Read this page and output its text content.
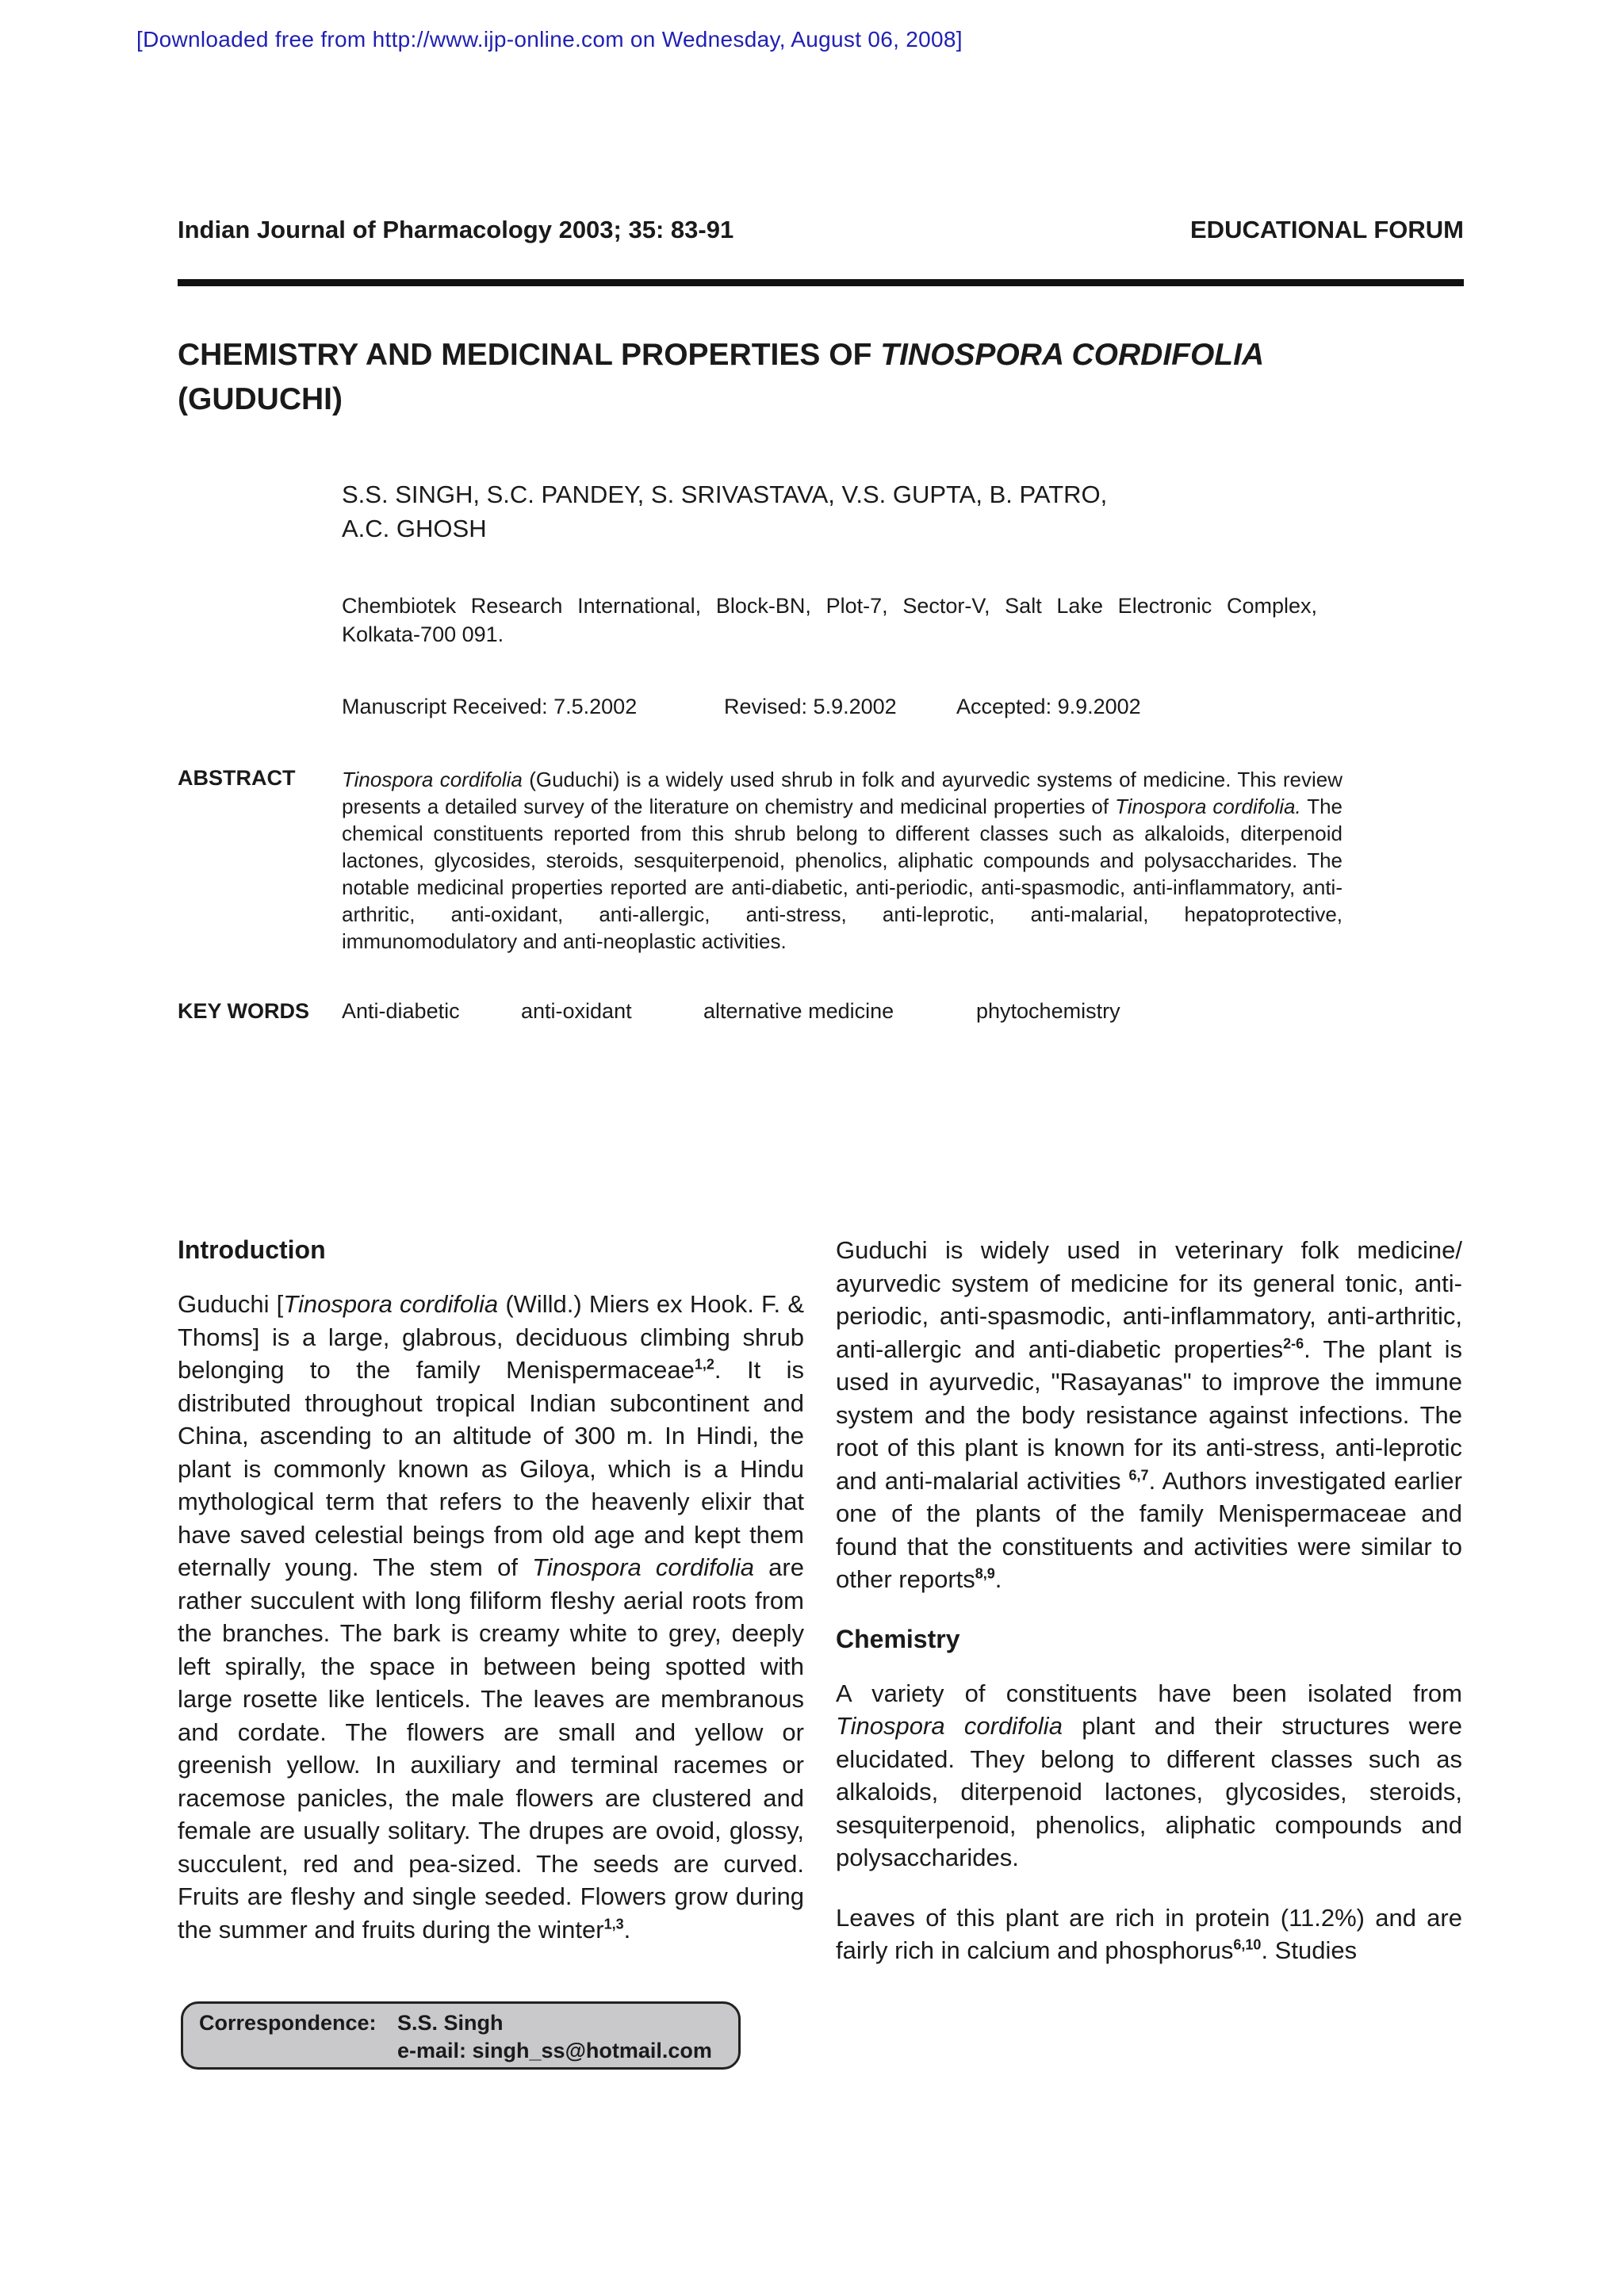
[Downloaded free from http://www.ijp-online.com on Wednesday, August 06, 2008]
Indian Journal of Pharmacology 2003; 35: 83-91	EDUCATIONAL FORUM
CHEMISTRY AND MEDICINAL PROPERTIES OF TINOSPORA CORDIFOLIA
(GUDUCHI)
S.S. SINGH, S.C. PANDEY, S. SRIVASTAVA, V.S. GUPTA, B. PATRO,
A.C. GHOSH
Chembiotek Research International, Block-BN, Plot-7, Sector-V, Salt Lake Electronic Complex, Kolkata-700 091.
Manuscript Received: 7.5.2002	Revised: 5.9.2002	Accepted: 9.9.2002
ABSTRACT Tinospora cordifolia (Guduchi) is a widely used shrub in folk and ayurvedic systems of medicine. This review presents a detailed survey of the literature on chemistry and medicinal properties of Tinospora cordifolia. The chemical constituents reported from this shrub belong to different classes such as alkaloids, diterpenoid lactones, glycosides, steroids, sesquiterpenoid, phenolics, aliphatic compounds and polysaccharides. The notable medicinal properties reported are anti-diabetic, anti-periodic, anti-spasmodic, anti-inflammatory, anti-arthritic, anti-oxidant, anti-allergic, anti-stress, anti-leprotic, anti-malarial, hepatoprotective, immunomodulatory and anti-neoplastic activities.

KEY WORDS Anti-diabetic	anti-oxidant	alternative medicine	phytochemistry
Introduction

Guduchi [Tinospora cordifolia (Willd.) Miers ex Hook. F. & Thoms] is a large, glabrous, deciduous climbing shrub belonging to the family Menispermaceae$^{1,2}$. It is distributed throughout tropical Indian subcontinent and China, ascending to an altitude of 300 m. In Hindi, the plant is commonly known as Giloya, which is a Hindu mythological term that refers to the heavenly elixir that have saved celestial beings from old age and kept them eternally young. The stem of Tinospora cordifolia are rather succulent with long filiform fleshy aerial roots from the branches. The bark is creamy white to grey, deeply left spirally, the space in between being spotted with large rosette like lenticels. The leaves are membranous and cordate. The flowers are small and yellow or greenish yellow. In auxiliary and terminal racemes or racemose panicles, the male flowers are clustered and female are usually solitary. The drupes are ovoid, glossy, succulent, red and pea-sized. The seeds are curved. Fruits are fleshy and single seeded. Flowers grow during the summer and fruits during the winter$^{1,3}$.

Guduchi is widely used in veterinary folk medicine/ ayurvedic system of medicine for its general tonic, anti-periodic, anti-spasmodic, anti-inflammatory, anti-arthritic, anti-allergic and anti-diabetic properties$^{2-6}$. The plant is used in ayurvedic, "Rasayanas" to improve the immune system and the body resistance against infections. The root of this plant is known for its anti-stress, anti-leprotic and anti-malarial activities $^{6,7}$. Authors investigated earlier one of the plants of the family Menispermaceae and found that the constituents and activities were similar to other reports$^{8,9}$.

Chemistry

A variety of constituents have been isolated from Tinospora cordifolia plant and their structures were elucidated. They belong to different classes such as alkaloids, diterpenoid lactones, glycosides, steroids, sesquiterpenoid, phenolics, aliphatic compounds and polysaccharides.

Leaves of this plant are rich in protein (11.2%) and are fairly rich in calcium and phosphorus$^{6,10}$. Studies

Correspondence: S.S. Singh
e-mail: singh_ss@hotmail.com
